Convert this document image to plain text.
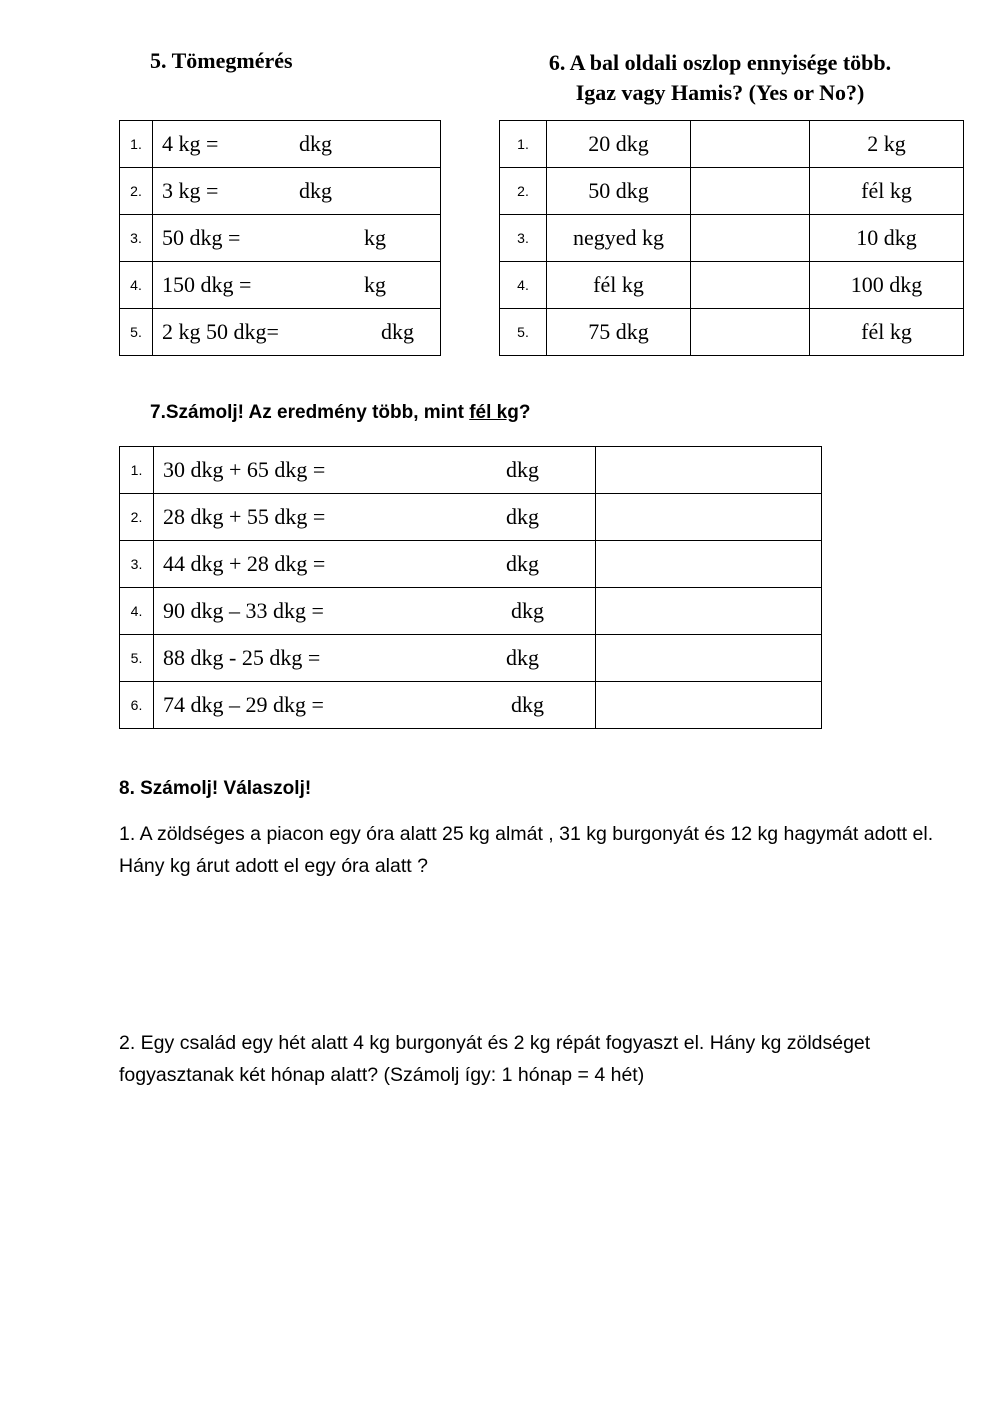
5. Tömegmérés	6. A bal oldali oszlop ennyisége több.
Igaz vagy Hamis? (Yes or No?)
1.	4 kg = dkg

2.	3 kg = dkg

3.	50 dkg = kg

4.	150 dkg = kg

5.	2 kg 50 dkg= dkg
1.	20 dkg		2 kg
2.	50 dkg		fél kg
3.	negyed kg		10 dkg
4.	fél kg		100 dkg
5.	75 dkg		fél kg
7.Számolj! Az eredmény több, mint fél kg?
1.	30 dkg + 65 dkg = dkg	

2.	28 dkg + 55 dkg = dkg	

3.	44 dkg + 28 dkg = dkg	

4.	90 dkg – 33 dkg = dkg	

5.	88 dkg - 25 dkg = dkg	

6.	74 dkg – 29 dkg = dkg	

8. Számolj! Válaszolj!
1. A zöldséges a piacon egy óra alatt 25 kg almát , 31 kg burgonyát és 12 kg hagymát adott el. Hány kg árut adott el egy óra alatt ?
2. Egy család egy hét alatt 4 kg burgonyát és 2 kg répát fogyaszt el. Hány kg zöldséget fogyasztanak két hónap alatt? (Számolj így: 1 hónap = 4 hét)
